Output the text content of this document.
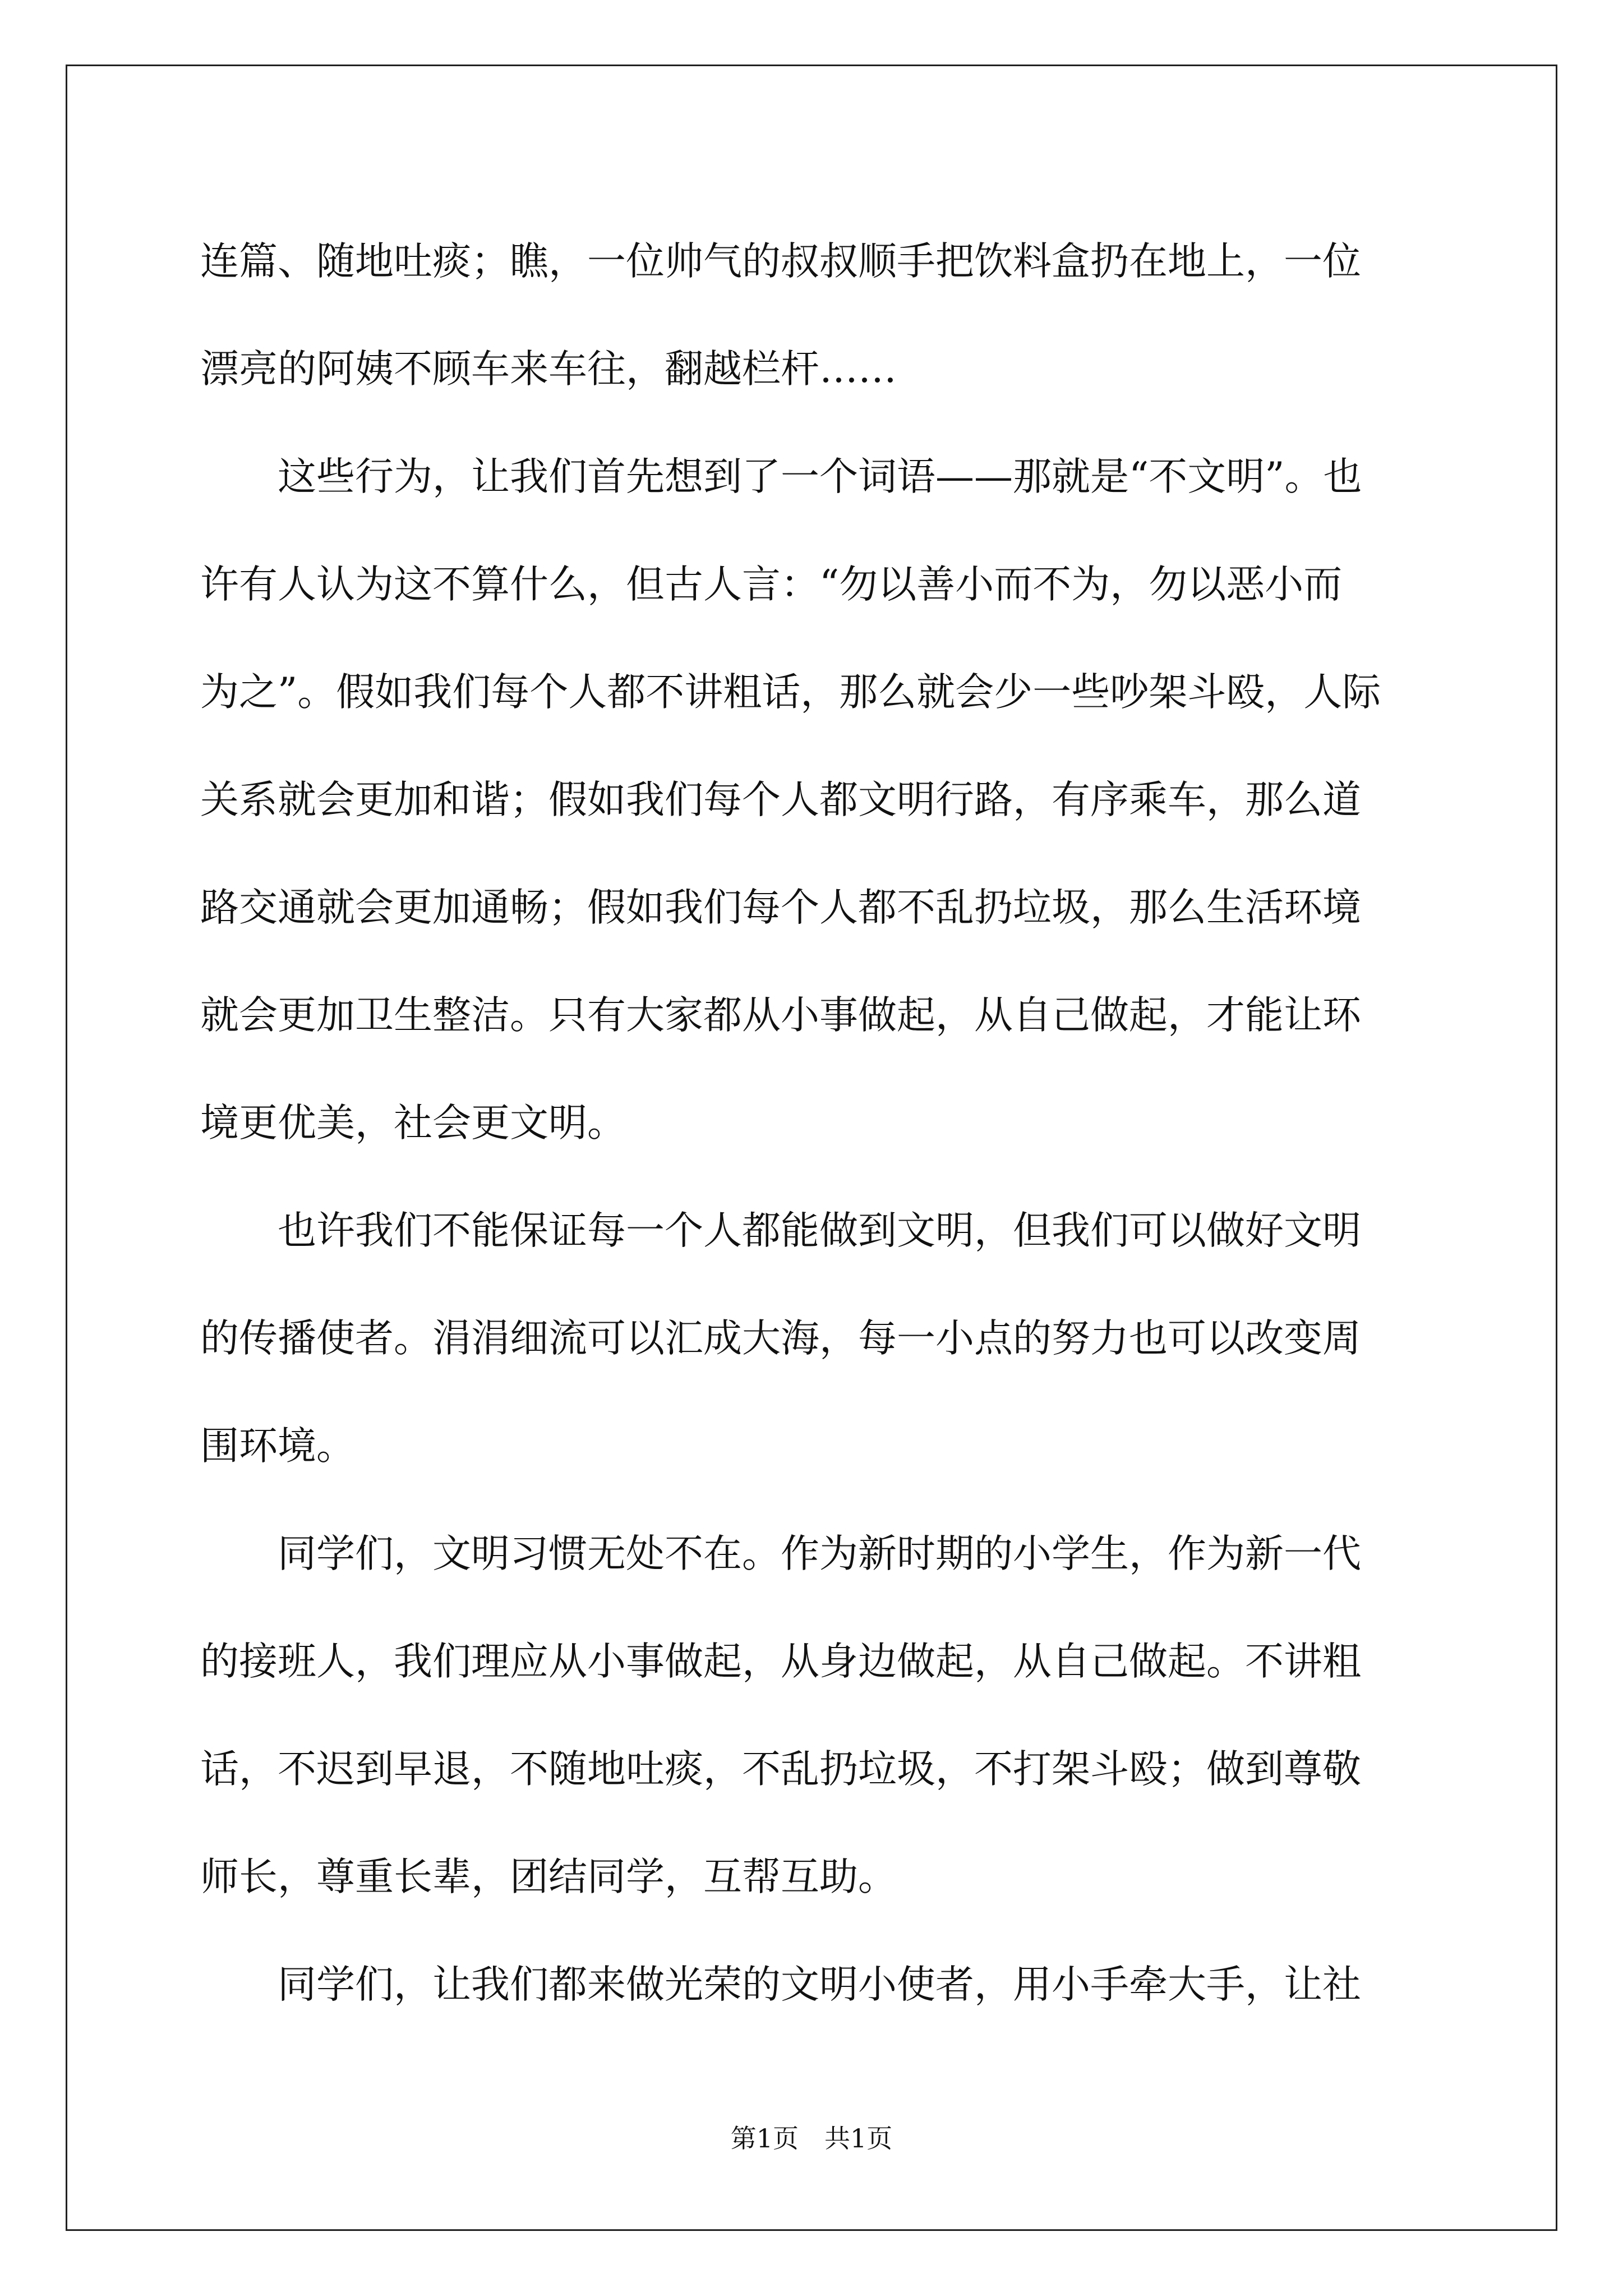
连篇、随地吐痰；瞧，一位帅气的叔叔顺手把饮料盒扔在地上，一位
漂亮的阿姨不顾车来车往，翻越栏杆……
　　这些行为，让我们首先想到了一个词语——那就是“不文明”。也
许有人认为这不算什么，但古人言：“勿以善小而不为，勿以恶小而
为之”。假如我们每个人都不讲粗话，那么就会少一些吵架斗殴，人际
关系就会更加和谐；假如我们每个人都文明行路，有序乘车，那么道
路交通就会更加通畅；假如我们每个人都不乱扔垃圾，那么生活环境
就会更加卫生整洁。只有大家都从小事做起，从自己做起，才能让环
境更优美，社会更文明。
　　也许我们不能保证每一个人都能做到文明，但我们可以做好文明
的传播使者。涓涓细流可以汇成大海，每一小点的努力也可以改变周
围环境。
　　同学们，文明习惯无处不在。作为新时期的小学生，作为新一代
的接班人，我们理应从小事做起，从身边做起，从自己做起。不讲粗
话，不迟到早退，不随地吐痰，不乱扔垃圾，不打架斗殴；做到尊敬
师长，尊重长辈，团结同学，互帮互助。
　　同学们，让我们都来做光荣的文明小使者，用小手牵大手，让社
第1页　共1页
